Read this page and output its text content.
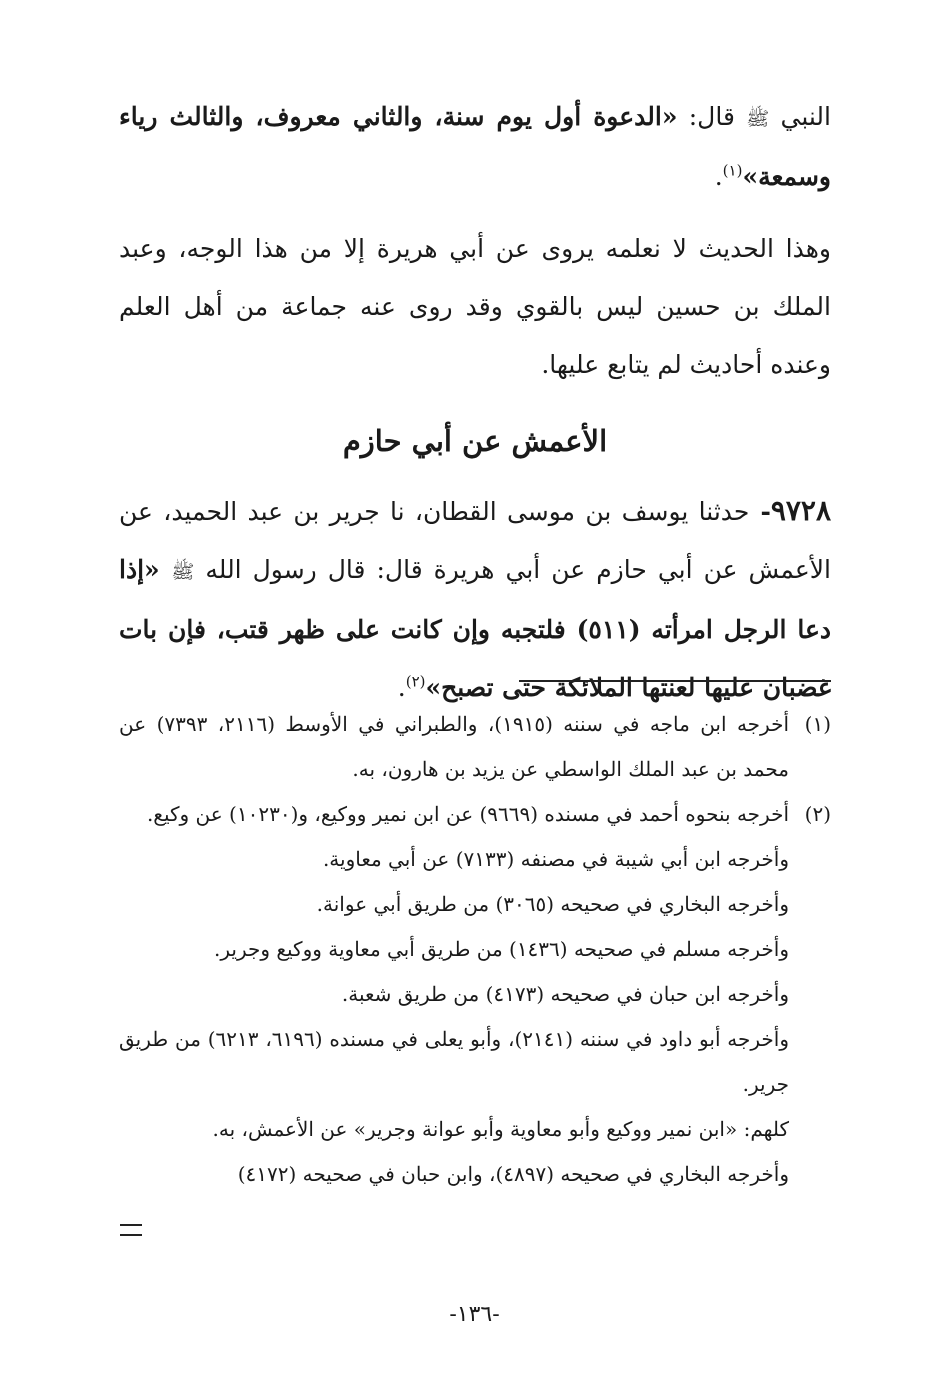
النبي ﷺ قال: «الدعوة أول يوم سنة، والثاني معروف، والثالث رياء وسمعة»$^{(١)}$.

وهذا الحديث لا نعلمه يروى عن أبي هريرة إلا من هذا الوجه، وعبد الملك بن حسين ليس بالقوي وقد روى عنه جماعة من أهل العلم وعنده أحاديث لم يتابع عليها.

الأعمش عن أبي حازم

٩٧٢٨- حدثنا يوسف بن موسى القطان، نا جرير بن عبد الحميد، عن الأعمش عن أبي حازم عن أبي هريرة قال: قال رسول الله ﷺ «إذا دعا الرجل امرأته (٥١١) فلتجبه وإن كانت على ظهر قتب، فإن بات غضبان عليها لعنتها الملائكة حتى تصبح»$^{(٢)}$.

(١)
أخرجه ابن ماجه في سننه (١٩١٥)، والطبراني في الأوسط (٢١١٦، ٧٣٩٣) عن محمد بن عبد الملك الواسطي عن يزيد بن هارون، به.

(٢)
أخرجه بنحوه أحمد في مسنده (٩٦٦٩) عن ابن نمير ووكيع، و(١٠٢٣٠) عن وكيع.

وأخرجه ابن أبي شيبة في مصنفه (٧١٣٣) عن أبي معاوية.

وأخرجه البخاري في صحيحه (٣٠٦٥) من طريق أبي عوانة.

وأخرجه مسلم في صحيحه (١٤٣٦) من طريق أبي معاوية ووكيع وجرير.

وأخرجه ابن حبان في صحيحه (٤١٧٣) من طريق شعبة.

وأخرجه أبو داود في سننه (٢١٤١)، وأبو يعلى في مسنده (٦١٩٦، ٦٢١٣) من طريق جرير.

كلهم: «ابن نمير ووكيع وأبو معاوية وأبو عوانة وجرير» عن الأعمش، به.

وأخرجه البخاري في صحيحه (٤٨٩٧)، وابن حبان في صحيحه (٤١٧٢)

-١٣٦-
